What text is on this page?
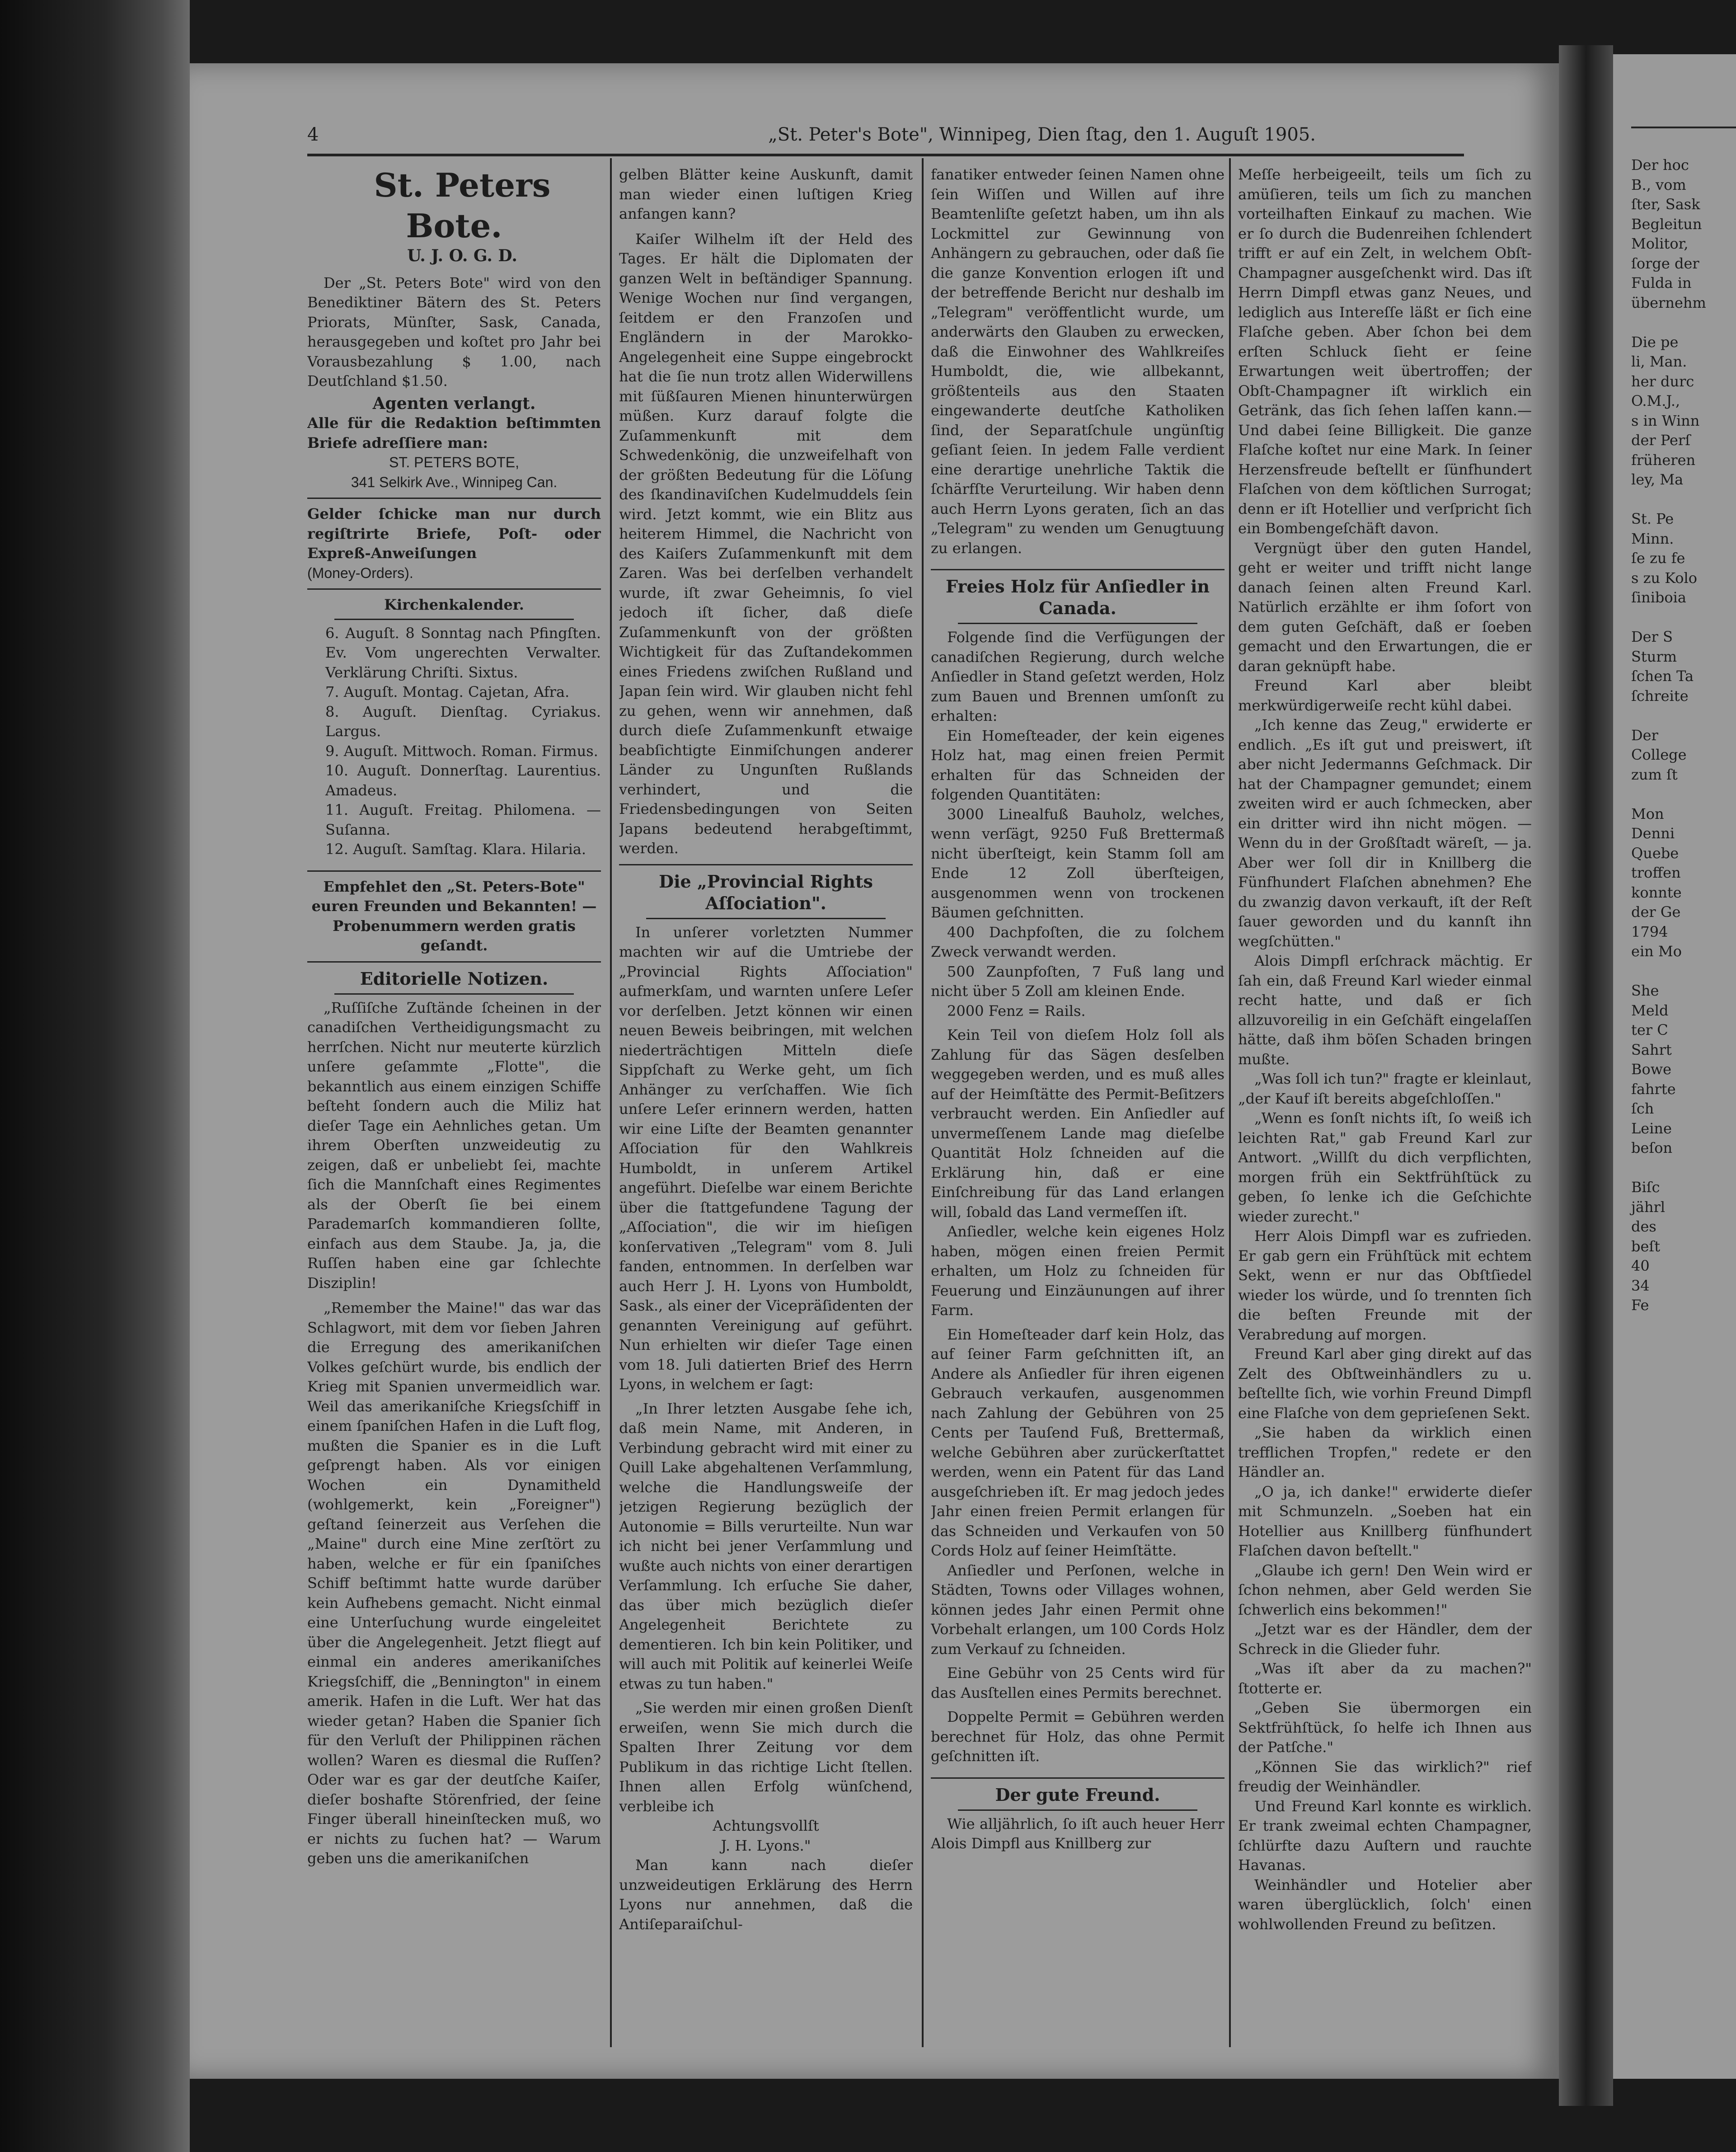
4	„St. Peter's Bote", Winnipeg, Dien ſtag, den 1. Auguſt 1905.

St. Peters Bote.

U. J. O. G. D.

Der „St. Peters Bote" wird von den Benediktiner Bätern des St. Peters Priorats, Münſter, Sask, Canada, herausgegeben und koſtet pro Jahr bei Vorausbezahlung $ 1.00, nach Deutſchland $1.50.

Agenten verlangt.

Alle für die Redaktion beſtimmten Briefe adreſſiere man:

ST. PETERS BOTE,

341 Selkirk Ave., Winnipeg Can.

Gelder ſchicke man nur durch regiſtrirte Briefe, Poſt- oder Expreß-Anweiſungen

(Money-Orders).

Kirchenkalender.

6. Auguſt. 8 Sonntag nach Pfingſten. Ev. Vom ungerechten Verwalter. Verklärung Chriſti. Sixtus.

7. Auguſt. Montag. Cajetan, Afra.

8. Auguſt. Dienſtag. Cyriakus. Largus.

9. Auguſt. Mittwoch. Roman. Firmus.

10. Auguſt. Donnerſtag. Laurentius. Amadeus.

11. Auguſt. Freitag. Philomena. — Suſanna.

12. Auguſt. Samſtag. Klara. Hilaria.

Empfehlet den „St. Peters-Bote" euren Freunden und Bekannten! — Probenummern werden gratis geſandt.

Editorielle Notizen.

„Ruſſiſche Zuſtände ſcheinen in der canadiſchen Vertheidigungsmacht zu herrſchen. Nicht nur meuterte kürzlich unſere geſammte „Flotte", die bekanntlich aus einem einzigen Schiffe beſteht ſondern auch die Miliz hat dieſer Tage ein Aehnliches getan. Um ihrem Oberſten unzweideutig zu zeigen, daß er unbeliebt ſei, machte ſich die Mannſchaft eines Regimentes als der Oberſt ſie bei einem Parademarſch kommandieren ſollte, einfach aus dem Staube. Ja, ja, die Ruſſen haben eine gar ſchlechte Disziplin!

„Remember the Maine!" das war das Schlagwort, mit dem vor ſieben Jahren die Erregung des amerikaniſchen Volkes geſchürt wurde, bis endlich der Krieg mit Spanien unvermeidlich war. Weil das amerikaniſche Kriegsſchiff in einem ſpaniſchen Hafen in die Luft flog, mußten die Spanier es in die Luft geſprengt haben. Als vor einigen Wochen ein Dynamitheld (wohlgemerkt, kein „Foreigner") geſtand ſeinerzeit aus Verſehen die „Maine" durch eine Mine zerſtört zu haben, welche er für ein ſpaniſches Schiff beſtimmt hatte wurde darüber kein Aufhebens gemacht. Nicht einmal eine Unterſuchung wurde eingeleitet über die Angelegenheit. Jetzt fliegt auf einmal ein anderes amerikaniſches Kriegsſchiff, die „Bennington" in einem amerik. Hafen in die Luft. Wer hat das wieder getan? Haben die Spanier ſich für den Verluſt der Philippinen rächen wollen? Waren es diesmal die Ruſſen? Oder war es gar der deutſche Kaiſer, dieſer boshafte Störenfried, der ſeine Finger überall hineinſtecken muß, wo er nichts zu ſuchen hat? — Warum geben uns die amerikaniſchen

gelben Blätter keine Auskunft, damit man wieder einen luſtigen Krieg anfangen kann?

Kaiſer Wilhelm iſt der Held des Tages. Er hält die Diplomaten der ganzen Welt in beſtändiger Spannung. Wenige Wochen nur ſind vergangen, ſeitdem er den Franzoſen und Engländern in der Marokko-Angelegenheit eine Suppe eingebrockt hat die ſie nun trotz allen Widerwillens mit ſüßſauren Mienen hinunterwürgen müßen. Kurz darauf folgte die Zuſammenkunft mit dem Schwedenkönig, die unzweifelhaft von der größten Bedeutung für die Löſung des ſkandinaviſchen Kudelmuddels ſein wird. Jetzt kommt, wie ein Blitz aus heiterem Himmel, die Nachricht von des Kaiſers Zuſammenkunft mit dem Zaren. Was bei derſelben verhandelt wurde, iſt zwar Geheimnis, ſo viel jedoch iſt ſicher, daß dieſe Zuſammenkunft von der größten Wichtigkeit für das Zuſtandekommen eines Friedens zwiſchen Rußland und Japan ſein wird. Wir glauben nicht fehl zu gehen, wenn wir annehmen, daß durch dieſe Zuſammenkunft etwaige beabſichtigte Einmiſchungen anderer Länder zu Ungunſten Rußlands verhindert, und die Friedensbedingungen von Seiten Japans bedeutend herabgeſtimmt, werden.

Die „Provincial Rights Aſſociation".

In unſerer vorletzten Nummer machten wir auf die Umtriebe der „Provincial Rights Aſſociation" aufmerkſam, und warnten unſere Leſer vor derſelben. Jetzt können wir einen neuen Beweis beibringen, mit welchen niederträchtigen Mitteln dieſe Sippſchaft zu Werke geht, um ſich Anhänger zu verſchaffen. Wie ſich unſere Leſer erinnern werden, hatten wir eine Liſte der Beamten genannter Aſſociation für den Wahlkreis Humboldt, in unſerem Artikel angeführt. Dieſelbe war einem Berichte über die ſtattgefundene Tagung der „Aſſociation", die wir im hieſigen konſervativen „Telegram" vom 8. Juli fanden, entnommen. In derſelben war auch Herr J. H. Lyons von Humboldt, Sask., als einer der Vicepräſidenten der genannten Vereinigung auf geführt. Nun erhielten wir dieſer Tage einen vom 18. Juli datierten Brief des Herrn Lyons, in welchem er ſagt:

„In Ihrer letzten Ausgabe ſehe ich, daß mein Name, mit Anderen, in Verbindung gebracht wird mit einer zu Quill Lake abgehaltenen Verſammlung, welche die Handlungsweiſe der jetzigen Regierung bezüglich der Autonomie = Bills verurteilte. Nun war ich nicht bei jener Verſammlung und wußte auch nichts von einer derartigen Verſammlung. Ich erſuche Sie daher, das über mich bezüglich dieſer Angelegenheit Berichtete zu dementieren. Ich bin kein Politiker, und will auch mit Politik auf keinerlei Weiſe etwas zu tun haben."

„Sie werden mir einen großen Dienſt erweiſen, wenn Sie mich durch die Spalten Ihrer Zeitung vor dem Publikum in das richtige Licht ſtellen. Ihnen allen Erfolg wünſchend, verbleibe ich

Achtungsvollſt

J. H. Lyons."

Man kann nach dieſer unzweideutigen Erklärung des Herrn Lyons nur annehmen, daß die Antiſeparaiſchul-

fanatiker entweder ſeinen Namen ohne ſein Wiſſen und Willen auf ihre Beamtenliſte geſetzt haben, um ihn als Lockmittel zur Gewinnung von Anhängern zu gebrauchen, oder daß ſie die ganze Konvention erlogen iſt und der betreffende Bericht nur deshalb im „Telegram" veröffentlicht wurde, um anderwärts den Glauben zu erwecken, daß die Einwohner des Wahlkreiſes Humboldt, die, wie allbekannt, größtenteils aus den Staaten eingewanderte deutſche Katholiken ſind, der Separatſchule ungünſtig geſiant ſeien. In jedem Falle verdient eine derartige unehrliche Taktik die ſchärfſte Verurteilung. Wir haben denn auch Herrn Lyons geraten, ſich an das „Telegram" zu wenden um Genugtuung zu erlangen.

Freies Holz für Anſiedler in Canada.

Folgende ſind die Verfügungen der canadiſchen Regierung, durch welche Anſiedler in Stand geſetzt werden, Holz zum Bauen und Brennen umſonſt zu erhalten:

Ein Homeſteader, der kein eigenes Holz hat, mag einen freien Permit erhalten für das Schneiden der folgenden Quantitäten:

3000 Linealfuß Bauholz, welches, wenn verſägt, 9250 Fuß Brettermaß nicht überſteigt, kein Stamm ſoll am Ende 12 Zoll überſteigen, ausgenommen wenn von trockenen Bäumen geſchnitten.

400 Dachpfoſten, die zu ſolchem Zweck verwandt werden.

500 Zaunpfoſten, 7 Fuß lang und nicht über 5 Zoll am kleinen Ende.

2000 Fenz = Rails.

Kein Teil von dieſem Holz ſoll als Zahlung für das Sägen desſelben weggegeben werden, und es muß alles auf der Heimſtätte des Permit-Beſitzers verbraucht werden. Ein Anſiedler auf unvermeſſenem Lande mag dieſelbe Quantität Holz ſchneiden auf die Erklärung hin, daß er eine Einſchreibung für das Land erlangen will, ſobald das Land vermeſſen iſt.

Anſiedler, welche kein eigenes Holz haben, mögen einen freien Permit erhalten, um Holz zu ſchneiden für Feuerung und Einzäunungen auf ihrer Farm.

Ein Homeſteader darf kein Holz, das auf ſeiner Farm geſchnitten iſt, an Andere als Anſiedler für ihren eigenen Gebrauch verkaufen, ausgenommen nach Zahlung der Gebühren von 25 Cents per Tauſend Fuß, Brettermaß, welche Gebühren aber zurückerſtattet werden, wenn ein Patent für das Land ausgeſchrieben iſt. Er mag jedoch jedes Jahr einen freien Permit erlangen für das Schneiden und Verkaufen von 50 Cords Holz auf ſeiner Heimſtätte.

Anſiedler und Perſonen, welche in Städten, Towns oder Villages wohnen, können jedes Jahr einen Permit ohne Vorbehalt erlangen, um 100 Cords Holz zum Verkauf zu ſchneiden.

Eine Gebühr von 25 Cents wird für das Ausſtellen eines Permits berechnet.

Doppelte Permit = Gebühren werden berechnet für Holz, das ohne Permit geſchnitten iſt.

Der gute Freund.

Wie alljährlich, ſo iſt auch heuer Herr Alois Dimpfl aus Knillberg zur

Meſſe herbeigeeilt, teils um ſich zu amüſieren, teils um ſich zu manchen vorteilhaften Einkauf zu machen. Wie er ſo durch die Budenreihen ſchlendert trifft er auf ein Zelt, in welchem Obſt-Champagner ausgeſchenkt wird. Das iſt Herrn Dimpfl etwas ganz Neues, und lediglich aus Intereſſe läßt er ſich eine Flaſche geben. Aber ſchon bei dem erſten Schluck ſieht er ſeine Erwartungen weit übertroffen; der Obſt-Champagner iſt wirklich ein Getränk, das ſich ſehen laſſen kann.— Und dabei ſeine Billigkeit. Die ganze Flaſche koſtet nur eine Mark. In ſeiner Herzensfreude beſtellt er ſünfhundert Flaſchen von dem köſtlichen Surrogat; denn er iſt Hotellier und verſpricht ſich ein Bombengeſchäft davon.

Vergnügt über den guten Handel, geht er weiter und trifft nicht lange danach ſeinen alten Freund Karl. Natürlich erzählte er ihm ſofort von dem guten Geſchäft, daß er ſoeben gemacht und den Erwartungen, die er daran geknüpft habe.

Freund Karl aber bleibt merkwürdigerweiſe recht kühl dabei.

„Ich kenne das Zeug," erwiderte er endlich. „Es iſt gut und preiswert, iſt aber nicht Jedermanns Geſchmack. Dir hat der Champagner gemundet; einem zweiten wird er auch ſchmecken, aber ein dritter wird ihn nicht mögen. — Wenn du in der Großſtadt wäreſt, — ja. Aber wer ſoll dir in Knillberg die Fünfhundert Flaſchen abnehmen? Ehe du zwanzig davon verkauft, iſt der Reſt ſauer geworden und du kannſt ihn wegſchütten."

Alois Dimpfl erſchrack mächtig. Er ſah ein, daß Freund Karl wieder einmal recht hatte, und daß er ſich allzuvoreilig in ein Geſchäft eingelaſſen hätte, daß ihm böſen Schaden bringen mußte.

„Was ſoll ich tun?" fragte er kleinlaut, „der Kauf iſt bereits abgeſchloſſen."

„Wenn es ſonſt nichts iſt, ſo weiß ich leichten Rat," gab Freund Karl zur Antwort. „Willſt du dich verpflichten, morgen früh ein Sektfrühſtück zu geben, ſo lenke ich die Geſchichte wieder zurecht."

Herr Alois Dimpfl war es zufrieden. Er gab gern ein Frühſtück mit echtem Sekt, wenn er nur das Obſtſiedel wieder los würde, und ſo trennten ſich die beſten Freunde mit der Verabredung auf morgen.

Freund Karl aber ging direkt auf das Zelt des Obſtweinhändlers zu u. beſtellte ſich, wie vorhin Freund Dimpfl eine Flaſche von dem geprieſenen Sekt.

„Sie haben da wirklich einen trefflichen Tropfen," redete er den Händler an.

„O ja, ich danke!" erwiderte dieſer mit Schmunzeln. „Soeben hat ein Hotellier aus Knillberg fünfhundert Flaſchen davon beſtellt."

„Glaube ich gern! Den Wein wird er ſchon nehmen, aber Geld werden Sie ſchwerlich eins bekommen!"

„Jetzt war es der Händler, dem der Schreck in die Glieder fuhr.

„Was iſt aber da zu machen?" ſtotterte er.

„Geben Sie übermorgen ein Sektfrühſtück, ſo helfe ich Ihnen aus der Patſche."

„Können Sie das wirklich?" rief freudig der Weinhändler.

Und Freund Karl konnte es wirklich. Er trank zweimal echten Champagner, ſchlürfte dazu Auſtern und rauchte Havanas.

Weinhändler und Hotelier aber waren überglücklich, ſolch' einen wohlwollenden Freund zu beſitzen.

Der hoc

B., vom

ſter, Sask

Begleitun

Molitor,

ſorge der

Fulda in

übernehm

Die pe

li, Man.

her durc

O.M.J.,

s in Winn

der Perſ

früheren

ley, Ma

St. Pe

Minn.

ſe zu fe

s zu Kolo

ſiniboia

Der S

Sturm

ſchen Ta

ſchreite

Der

College

zum ſt

Mon

Denni

Quebe

troffen

konnte

der Ge

1794

ein Mo

She

Meld

ter C

Sahrt

Bowe

fahrte

ſch

Leine

beſon

Biſc

jährl

des

beſt

40

34

Fe
